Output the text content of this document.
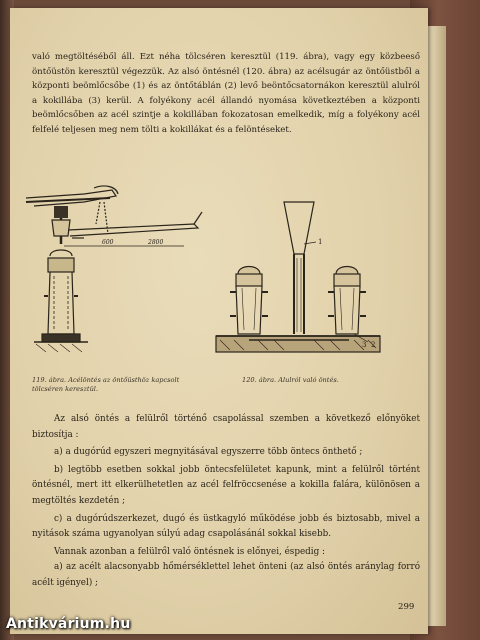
való megtöltéséből áll. Ezt néha tölcséren keresztül (119. ábra), vagy egy közbeeső öntőüstön keresztül végezzük. Az alsó öntésnél (120. ábra) az acélsugár az öntőüstből a központi beömlőcsőbe (1) és az öntőtáblán (2) levő beöntőcsatornákon keresztül alulról a kokillába (3) kerül. A folyékony acél állandó nyomása következtében a központi beömlőcsőben az acél szintje a kokillában fokozatosan emelkedik, míg a folyékony acél felfelé teljesen meg nem tölti a kokillákat és a felöntéseket.

600	2800	1
3 2
119. ábra. Acélöntés az öntőüsthöz kapcsolt tölcséren keresztül.
120. ábra. Alulról való öntés.

Az alsó öntés a felülről történő csapolással szemben a következő előnyöket biztosítja :

a) a dugórúd egyszeri megnyitásával egyszerre több öntecs önthető ;

b) legtöbb esetben sokkal jobb öntecsfelületet kapunk, mint a felülről történt öntésnél, mert itt elkerülhetetlen az acél felfröccsenése a kokilla falára, különösen a megtöltés kezdetén ;

c) a dugórúdszerkezet, dugó és üstkagyló működése jobb és biztosabb, mivel a nyitások száma ugyanolyan súlyú adag csapolásánál sokkal kisebb.

Vannak azonban a felülről való öntésnek is előnyei, éspedig :

a) az acélt alacsonyabb hőmérséklettel lehet önteni (az alsó öntés aránylag forró acélt igényel) ;

299
Antikvárium.hu
